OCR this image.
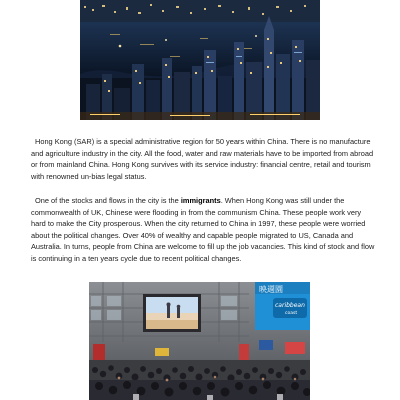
Hong Kong (SAR) is a special administrative region for 50 years within China. There is no manufacture and agriculture industry in the city. All the food, water and raw materials have to be imported from abroad or from mainland China. Hong Kong survives with its service industry: financial centre, retail and tourism with renowned un-bias legal status.

One of the stocks and flows in the city is the immigrants. When Hong Kong was still under the commonwealth of UK, Chinese were flooding in from the communism China. These people work very hard to make the City prosperous. When the city returned to China in 1997, these people were worried about the political changes. Over 40% of wealthy and capable people migrated to US, Canada and Australia. In turns, people from China are welcome to fill up the job vacancies. This kind of stock and flow is continuing in a ten years cycle due to recent political changes.

映週園
caribbean
coast
